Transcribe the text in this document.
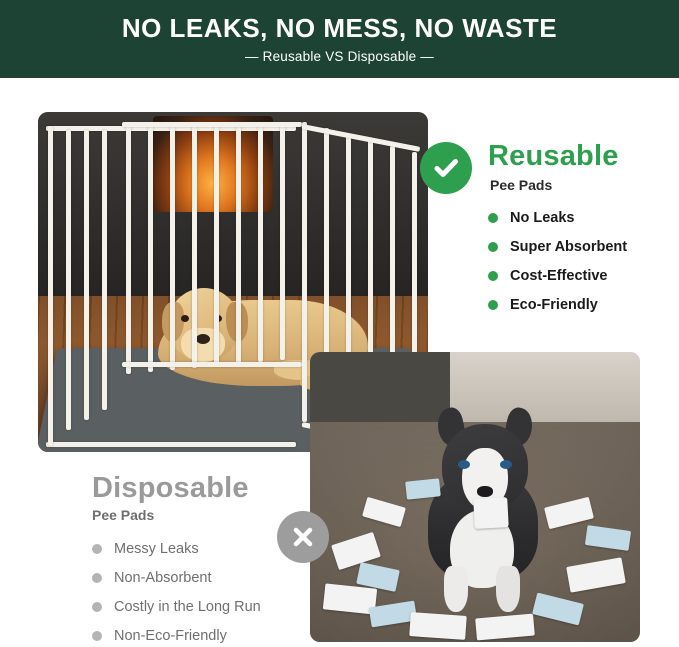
NO LEAKS, NO MESS, NO WASTE
— Reusable VS Disposable —
Reusable
Pee Pads
No Leaks
Super Absorbent
Cost-Effective
Eco-Friendly
Disposable
Pee Pads
Messy Leaks
Non-Absorbent
Costly in the Long Run
Non-Eco-Friendly
